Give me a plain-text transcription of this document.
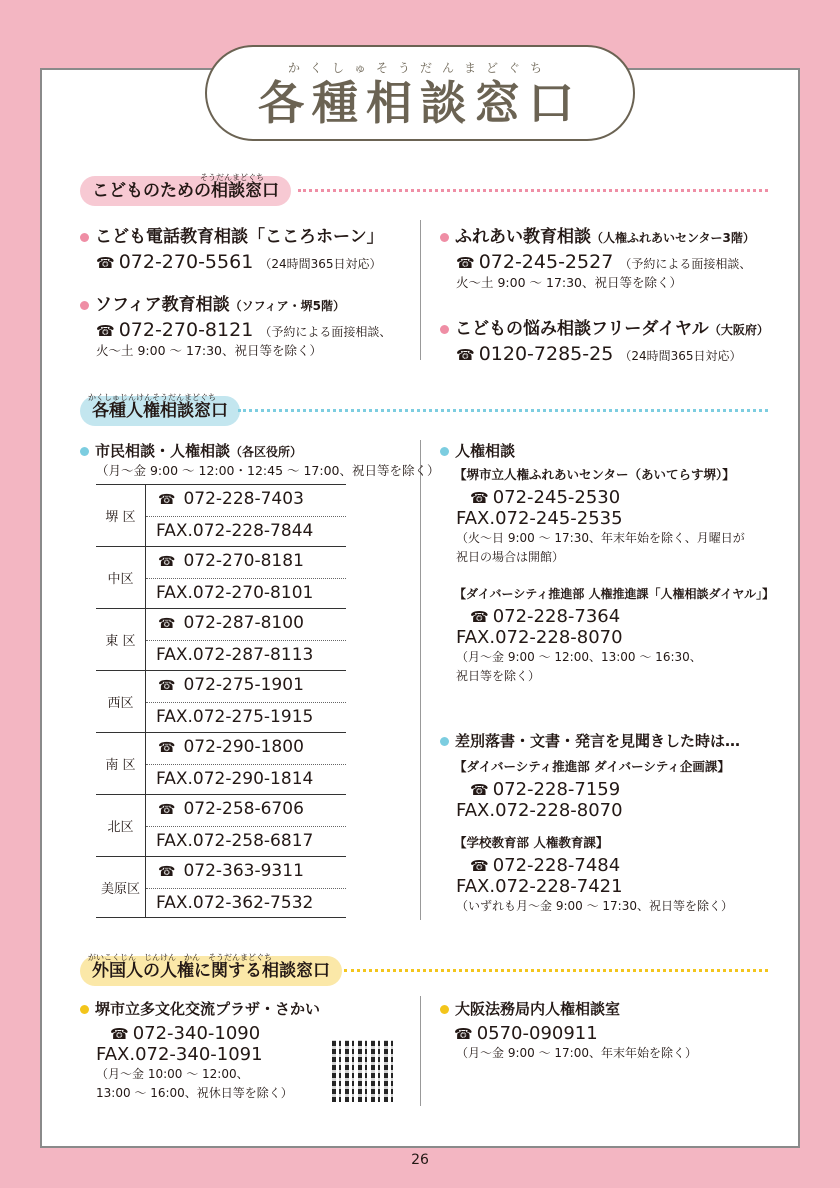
かくしゅそうだんまどぐち
各種相談窓口
そうだんまどぐち
こどものための相談窓口
こども電話教育相談「こころホーン」
☎ 072-270-5561 （24時間365日対応）
ソフィア教育相談（ソフィア・堺5階）
☎ 072-270-8121 （予約による面接相談、
火〜土 9:00 〜 17:30、祝日等を除く）
ふれあい教育相談（人権ふれあいセンター3階）
☎ 072-245-2527 （予約による面接相談、
火〜土 9:00 〜 17:30、祝日等を除く）
こどもの悩み相談フリーダイヤル（大阪府）
☎ 0120-7285-25 （24時間365日対応）
かくしゅじんけんそうだんまどぐち
各種人権相談窓口
市民相談・人権相談（各区役所）
（月〜金 9:00 〜 12:00・12:45 〜 17:00、祝日等を除く）
堺 区
☎ 072-228-7403
FAX.072-228-7844
中区
☎ 072-270-8181
FAX.072-270-8101
東 区
☎ 072-287-8100
FAX.072-287-8113
西区
☎ 072-275-1901
FAX.072-275-1915
南 区
☎ 072-290-1800
FAX.072-290-1814
北区
☎ 072-258-6706
FAX.072-258-6817
美原区
☎ 072-363-9311
FAX.072-362-7532
人権相談
【堺市立人権ふれあいセンター（あいてらす堺）】
☎ 072-245-2530
FAX.072-245-2535
（火〜日 9:00 〜 17:30、年末年始を除く、月曜日が
祝日の場合は開館）
【ダイバーシティ推進部 人権推進課「人権相談ダイヤル」】
☎ 072-228-7364
FAX.072-228-8070
（月〜金 9:00 〜 12:00、13:00 〜 16:30、
祝日等を除く）
差別落書・文書・発言を見聞きした時は…
【ダイバーシティ推進部 ダイバーシティ企画課】
☎ 072-228-7159
FAX.072-228-8070
【学校教育部 人権教育課】
☎ 072-228-7484
FAX.072-228-7421
（いずれも月〜金 9:00 〜 17:30、祝日等を除く）
がいこくじん　じんけん　かん　そうだんまどぐち
外国人の人権に関する相談窓口
堺市立多文化交流プラザ・さかい
☎ 072-340-1090
FAX.072-340-1091
（月〜金 10:00 〜 12:00、
13:00 〜 16:00、祝休日等を除く）
大阪法務局内人権相談室
☎ 0570-090911
（月〜金 9:00 〜 17:00、年末年始を除く）
26
